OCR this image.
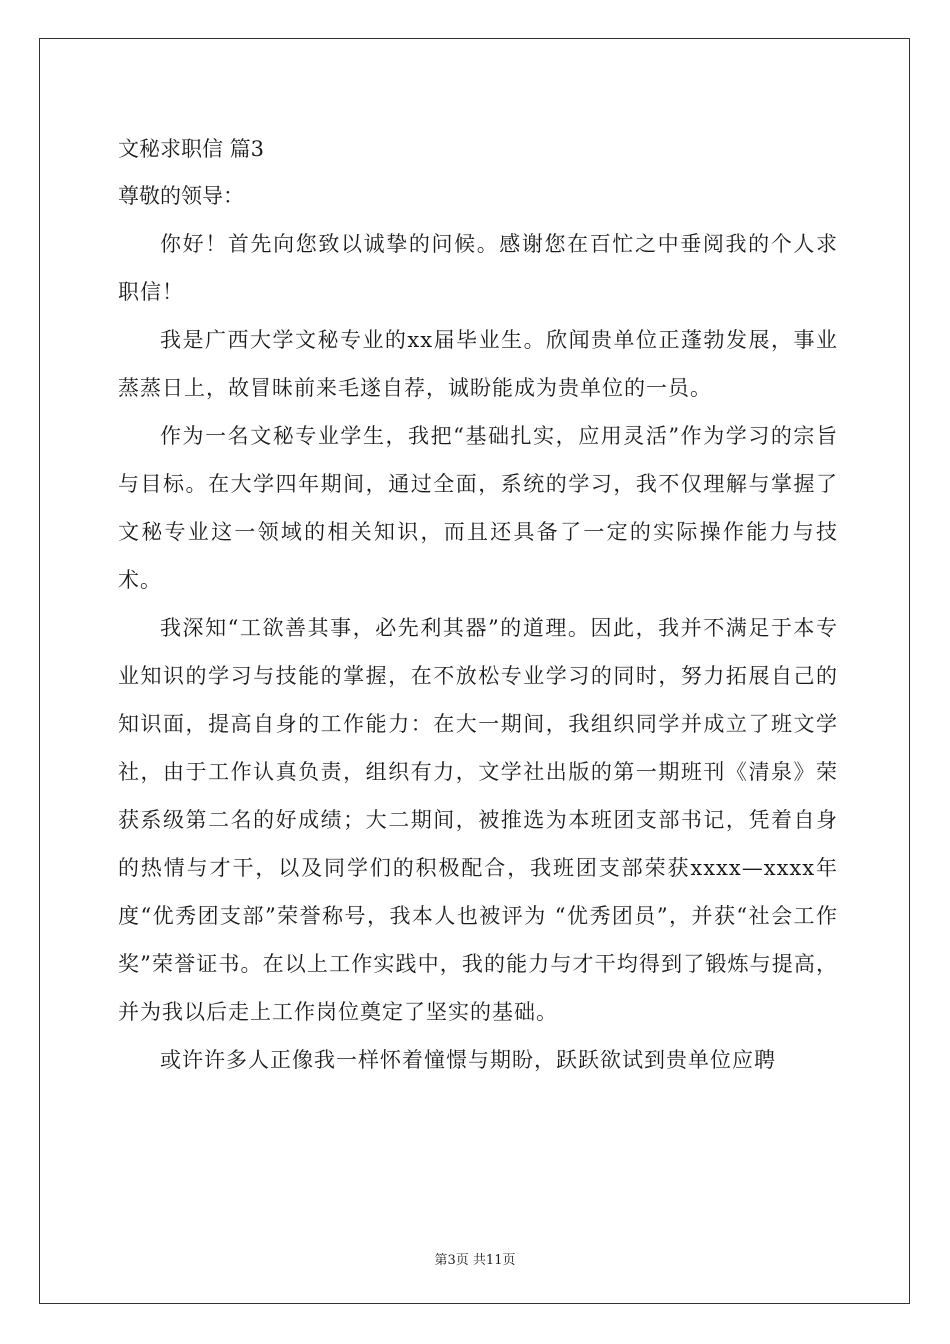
文秘求职信 篇3

尊敬的领导：

你好！首先向您致以诚挚的问候。感谢您在百忙之中垂阅我的个人求职信！

我是广西大学文秘专业的xx届毕业生。欣闻贵单位正蓬勃发展，事业蒸蒸日上，故冒昧前来毛遂自荐，诚盼能成为贵单位的一员。

作为一名文秘专业学生，我把“基础扎实，应用灵活”作为学习的宗旨与目标。在大学四年期间，通过全面，系统的学习，我不仅理解与掌握了文秘专业这一领域的相关知识，而且还具备了一定的实际操作能力与技术。

我深知“工欲善其事，必先利其器”的道理。因此，我并不满足于本专业知识的学习与技能的掌握，在不放松专业学习的同时，努力拓展自己的知识面，提高自身的工作能力：在大一期间，我组织同学并成立了班文学社，由于工作认真负责，组织有力，文学社出版的第一期班刊《清泉》荣获系级第二名的好成绩；大二期间，被推选为本班团支部书记，凭着自身的热情与才干，以及同学们的积极配合，我班团支部荣获xxxx—xxxx年度“优秀团支部”荣誉称号，我本人也被评为 “优秀团员”，并获“社会工作奖”荣誉证书。在以上工作实践中，我的能力与才干均得到了锻炼与提高，并为我以后走上工作岗位奠定了坚实的基础。

或许许多人正像我一样怀着憧憬与期盼，跃跃欲试到贵单位应聘

第3页 共11页
